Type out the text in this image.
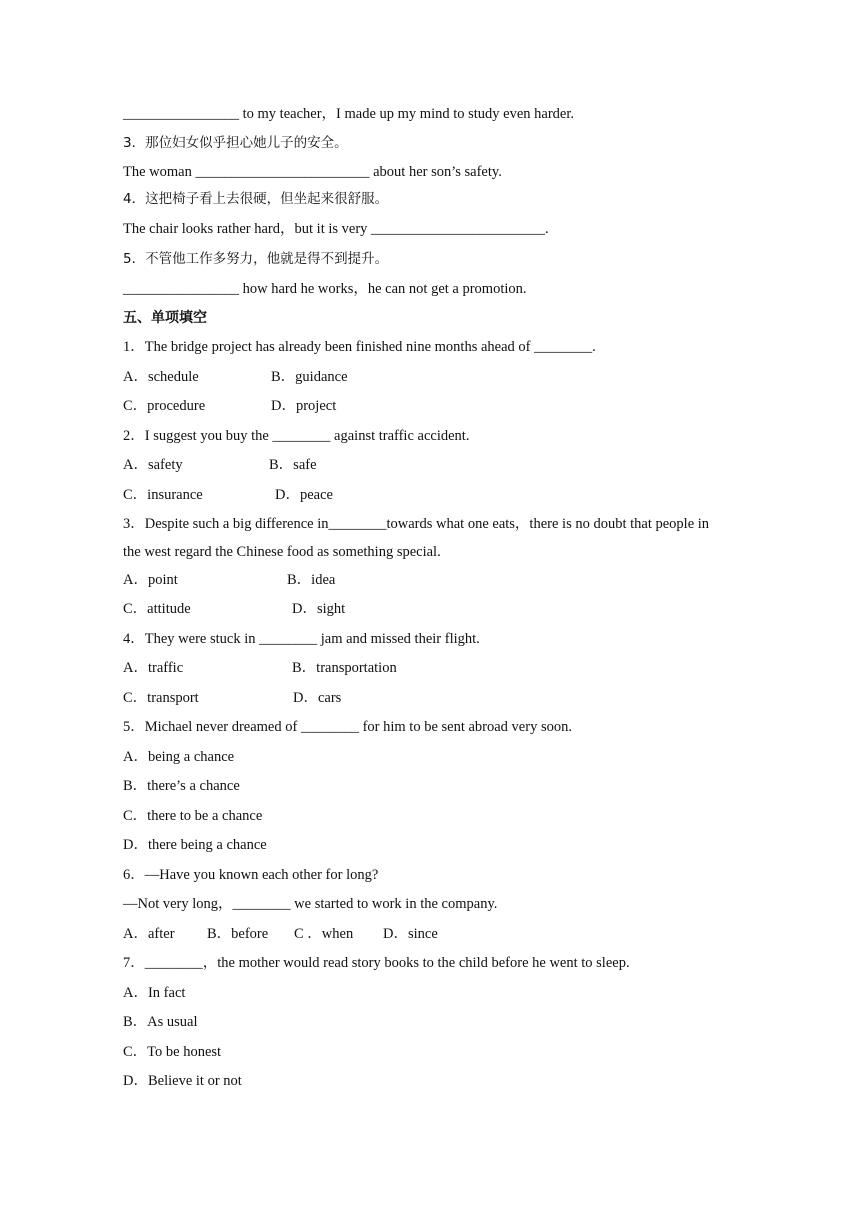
________________ to my teacher，I made up my mind to study even harder.
3．那位妇女似乎担心她儿子的安全。
The woman ________________________ about her son’s safety.
4．这把椅子看上去很硬，但坐起来很舒服。
The chair looks rather hard，but it is very ________________________.
5．不管他工作多努力，他就是得不到提升。
________________ how hard he works，he can not get a promotion.
五、单项填空
1．The bridge project has already been finished nine months ahead of ________.
A．schedule	B．guidance
C．procedure	D．project
2．I suggest you buy the ________ against traffic accident.
A．safety	B．safe
C．insurance	D．peace
3．Despite such a big difference in________towards what one eats，there is no doubt that people in
the west regard the Chinese food as something special.
A．point	B．idea
C．attitude	D．sight
4．They were stuck in ________ jam and missed their flight.
A．traffic	B．transportation
C．transport	D．cars
5．Michael never dreamed of ________ for him to be sent abroad very soon.
A．being a chance
B．there’s a chance
C．there to be a chance
D．there being a chance
6．—Have you known each other for long?
—Not very long，________ we started to work in the company.
A．after B．before C ．when D．since
7．________，the mother would read story books to the child before he went to sleep.
A．In fact
B．As usual
C．To be honest
D．Believe it or not
